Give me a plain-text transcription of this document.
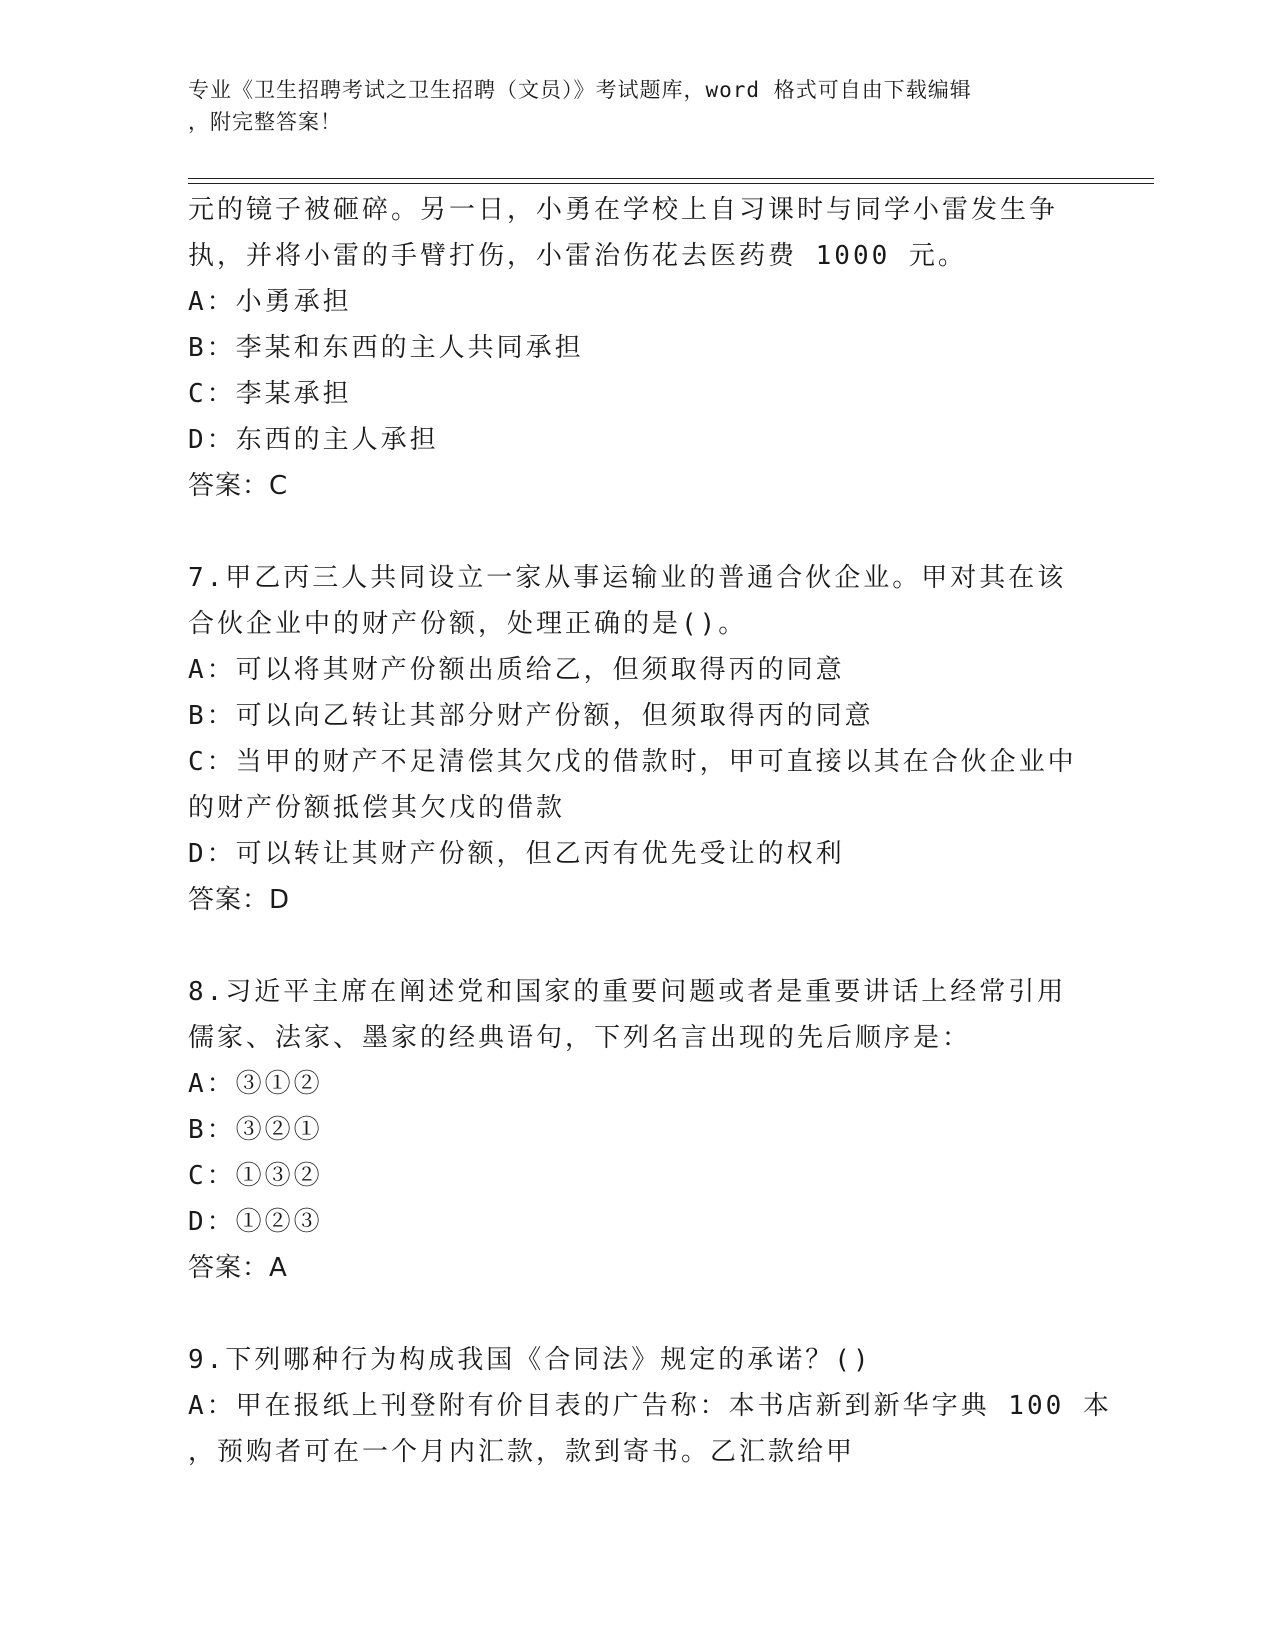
专业《卫生招聘考试之卫生招聘（文员）》考试题库，word 格式可自由下载编辑
，附完整答案！
元的镜子被砸碎。另一日，小勇在学校上自习课时与同学小雷发生争
执，并将小雷的手臂打伤，小雷治伤花去医药费 1000 元。
A：小勇承担
B：李某和东西的主人共同承担
C：李某承担
D：东西的主人承担
答案：C
7.甲乙丙三人共同设立一家从事运输业的普通合伙企业。甲对其在该
合伙企业中的财产份额，处理正确的是()。
A：可以将其财产份额出质给乙，但须取得丙的同意
B：可以向乙转让其部分财产份额，但须取得丙的同意
C：当甲的财产不足清偿其欠戊的借款时，甲可直接以其在合伙企业中
的财产份额抵偿其欠戊的借款
D：可以转让其财产份额，但乙丙有优先受让的权利
答案：D
8.习近平主席在阐述党和国家的重要问题或者是重要讲话上经常引用
儒家、法家、墨家的经典语句，下列名言出现的先后顺序是：
A：③①②
B：③②①
C：①③②
D：①②③
答案：A
9.下列哪种行为构成我国《合同法》规定的承诺？()
A：甲在报纸上刊登附有价目表的广告称：本书店新到新华字典 100 本
，预购者可在一个月内汇款，款到寄书。乙汇款给甲
